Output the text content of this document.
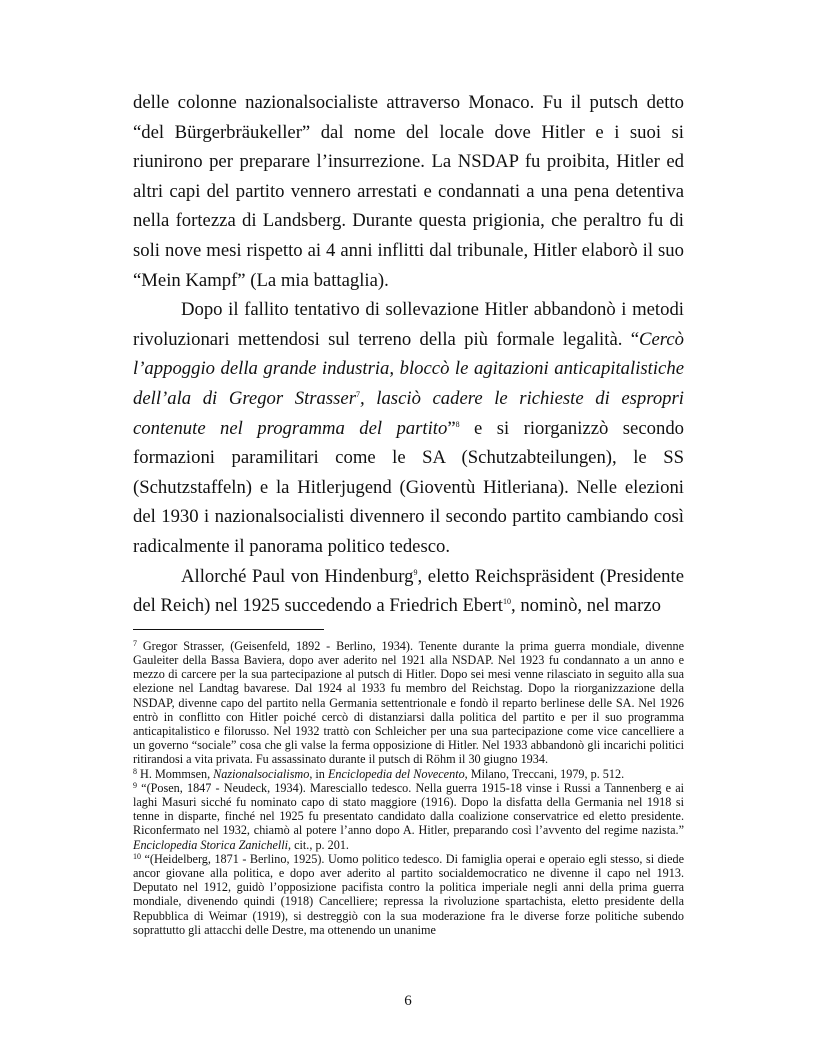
delle colonne nazionalsocialiste attraverso Monaco. Fu il putsch detto “del Bürgerbräukeller” dal nome del locale dove Hitler e i suoi si riunirono per preparare l’insurrezione. La NSDAP fu proibita, Hitler ed altri capi del partito vennero arrestati e condannati a una pena detentiva nella fortezza di Landsberg. Durante questa prigionia, che peraltro fu di soli nove mesi rispetto ai 4 anni inflitti dal tribunale, Hitler elaborò il suo “Mein Kampf” (La mia battaglia).

Dopo il fallito tentativo di sollevazione Hitler abbandonò i metodi rivoluzionari mettendosi sul terreno della più formale legalità. “Cercò l’appoggio della grande industria, bloccò le agitazioni anticapitalistiche dell’ala di Gregor Strasser$^7$, lasciò cadere le richieste di espropri contenute nel programma del partito”$^8$ e si riorganizzò secondo formazioni paramilitari come le SA (Schutzabteilungen), le SS (Schutzstaffeln) e la Hitlerjugend (Gioventù Hitleriana). Nelle elezioni del 1930 i nazionalsocialisti divennero il secondo partito cambiando così radicalmente il panorama politico tedesco.

Allorché Paul von Hindenburg$^9$, eletto Reichspräsident (Presidente del Reich) nel 1925 succedendo a Friedrich Ebert$^{10}$, nominò, nel marzo

$^7$ Gregor Strasser, (Geisenfeld, 1892 - Berlino, 1934). Tenente durante la prima guerra mondiale, divenne Gauleiter della Bassa Baviera, dopo aver aderito nel 1921 alla NSDAP. Nel 1923 fu condannato a un anno e mezzo di carcere per la sua partecipazione al putsch di Hitler. Dopo sei mesi venne rilasciato in seguito alla sua elezione nel Landtag bavarese. Dal 1924 al 1933 fu membro del Reichstag. Dopo la riorganizzazione della NSDAP, divenne capo del partito nella Germania settentrionale e fondò il reparto berlinese delle SA. Nel 1926 entrò in conflitto con Hitler poiché cercò di distanziarsi dalla politica del partito e per il suo programma anticapitalistico e filorusso. Nel 1932 trattò con Schleicher per una sua partecipazione come vice cancelliere a un governo “sociale” cosa che gli valse la ferma opposizione di Hitler. Nel 1933 abbandonò gli incarichi politici ritirandosi a vita privata. Fu assassinato durante il putsch di Röhm il 30 giugno 1934.

$^8$ H. Mommsen, Nazionalsocialismo, in Enciclopedia del Novecento, Milano, Treccani, 1979, p. 512.

$^9$ “(Posen, 1847 - Neudeck, 1934). Maresciallo tedesco. Nella guerra 1915-18 vinse i Russi a Tannenberg e ai laghi Masuri sicché fu nominato capo di stato maggiore (1916). Dopo la disfatta della Germania nel 1918 si tenne in disparte, finché nel 1925 fu presentato candidato dalla coalizione conservatrice ed eletto presidente. Riconfermato nel 1932, chiamò al potere l’anno dopo A. Hitler, preparando così l’avvento del regime nazista.” Enciclopedia Storica Zanichelli, cit., p. 201.

$^{10}$ “(Heidelberg, 1871 - Berlino, 1925). Uomo politico tedesco. Di famiglia operai e operaio egli stesso, si diede ancor giovane alla politica, e dopo aver aderito al partito socialdemocratico ne divenne il capo nel 1913. Deputato nel 1912, guidò l’opposizione pacifista contro la politica imperiale negli anni della prima guerra mondiale, divenendo quindi (1918) Cancelliere; repressa la rivoluzione spartachista, eletto presidente della Repubblica di Weimar (1919), si destreggiò con la sua moderazione fra le diverse forze politiche subendo soprattutto gli attacchi delle Destre, ma ottenendo un unanime

6
